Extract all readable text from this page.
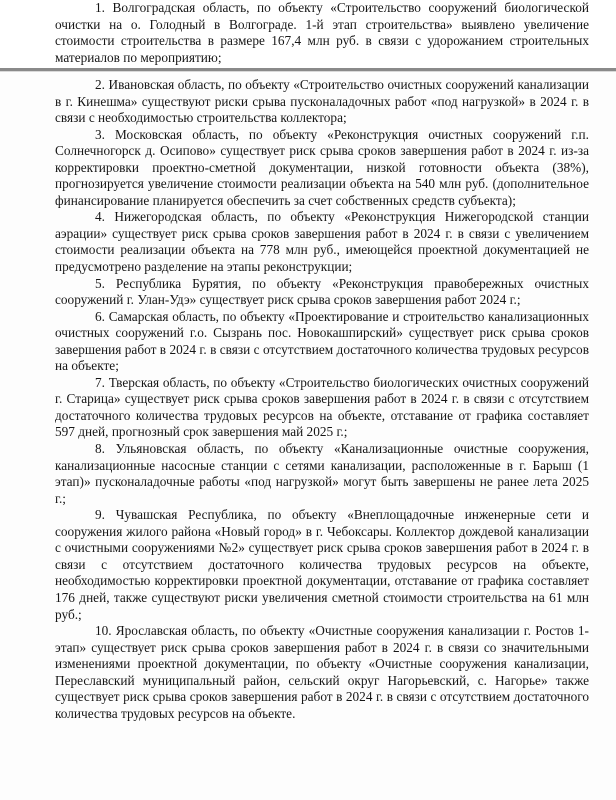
1. Волгоградская область, по объекту «Строительство сооружений биологической очистки на о. Голодный в Волгограде. 1-й этап строительства» выявлено увеличение стоимости строительства в размере 167,4 млн руб. в связи с удорожанием строительных материалов по мероприятию;

2. Ивановская область, по объекту «Строительство очистных сооружений канализации в г. Кинешма» существуют риски срыва пусконаладочных работ «под нагрузкой» в 2024 г. в связи с необходимостью строительства коллектора;

3. Московская область, по объекту «Реконструкция очистных сооружений г.п. Солнечногорск д. Осипово» существует риск срыва сроков завершения работ в 2024 г. из-за корректировки проектно-сметной документации, низкой готовности объекта (38%), прогнозируется увеличение стоимости реализации объекта на 540 млн руб. (дополнительное финансирование планируется обеспечить за счет собственных средств субъекта);

4. Нижегородская область, по объекту «Реконструкция Нижегородской станции аэрации» существует риск срыва сроков завершения работ в 2024 г. в связи с увеличением стоимости реализации объекта на 778 млн руб., имеющейся проектной документацией не предусмотрено разделение на этапы реконструкции;

5. Республика Бурятия, по объекту «Реконструкция правобережных очистных сооружений г. Улан-Удэ» существует риск срыва сроков завершения работ 2024 г.;

6. Самарская область, по объекту «Проектирование и строительство канализационных очистных сооружений г.о. Сызрань пос. Новокашпирский» существует риск срыва сроков завершения работ в 2024 г. в связи с отсутствием достаточного количества трудовых ресурсов на объекте;

7. Тверская область, по объекту «Строительство биологических очистных сооружений г. Старица» существует риск срыва сроков завершения работ в 2024 г. в связи с отсутствием достаточного количества трудовых ресурсов на объекте, отставание от графика составляет 597 дней, прогнозный срок завершения май 2025 г.;

8. Ульяновская область, по объекту «Канализационные очистные сооружения, канализационные насосные станции с сетями канализации, расположенные в г. Барыш (1 этап)» пусконаладочные работы «под нагрузкой» могут быть завершены не ранее лета 2025 г.;

9. Чувашская Республика, по объекту «Внеплощадочные инженерные сети и сооружения жилого района «Новый город» в г. Чебоксары. Коллектор дождевой канализации с очистными сооружениями №2» существует риск срыва сроков завершения работ в 2024 г. в связи с отсутствием достаточного количества трудовых ресурсов на объекте, необходимостью корректировки проектной документации, отставание от графика составляет 176 дней, также существуют риски увеличения сметной стоимости строительства на 61 млн руб.;

10. Ярославская область, по объекту «Очистные сооружения канализации г. Ростов 1-этап» существует риск срыва сроков завершения работ в 2024 г. в связи со значительными изменениями проектной документации, по объекту «Очистные сооружения канализации, Переславский муниципальный район, сельский округ Нагорьевский, с. Нагорье» также существует риск срыва сроков завершения работ в 2024 г. в связи с отсутствием достаточного количества трудовых ресурсов на объекте.
